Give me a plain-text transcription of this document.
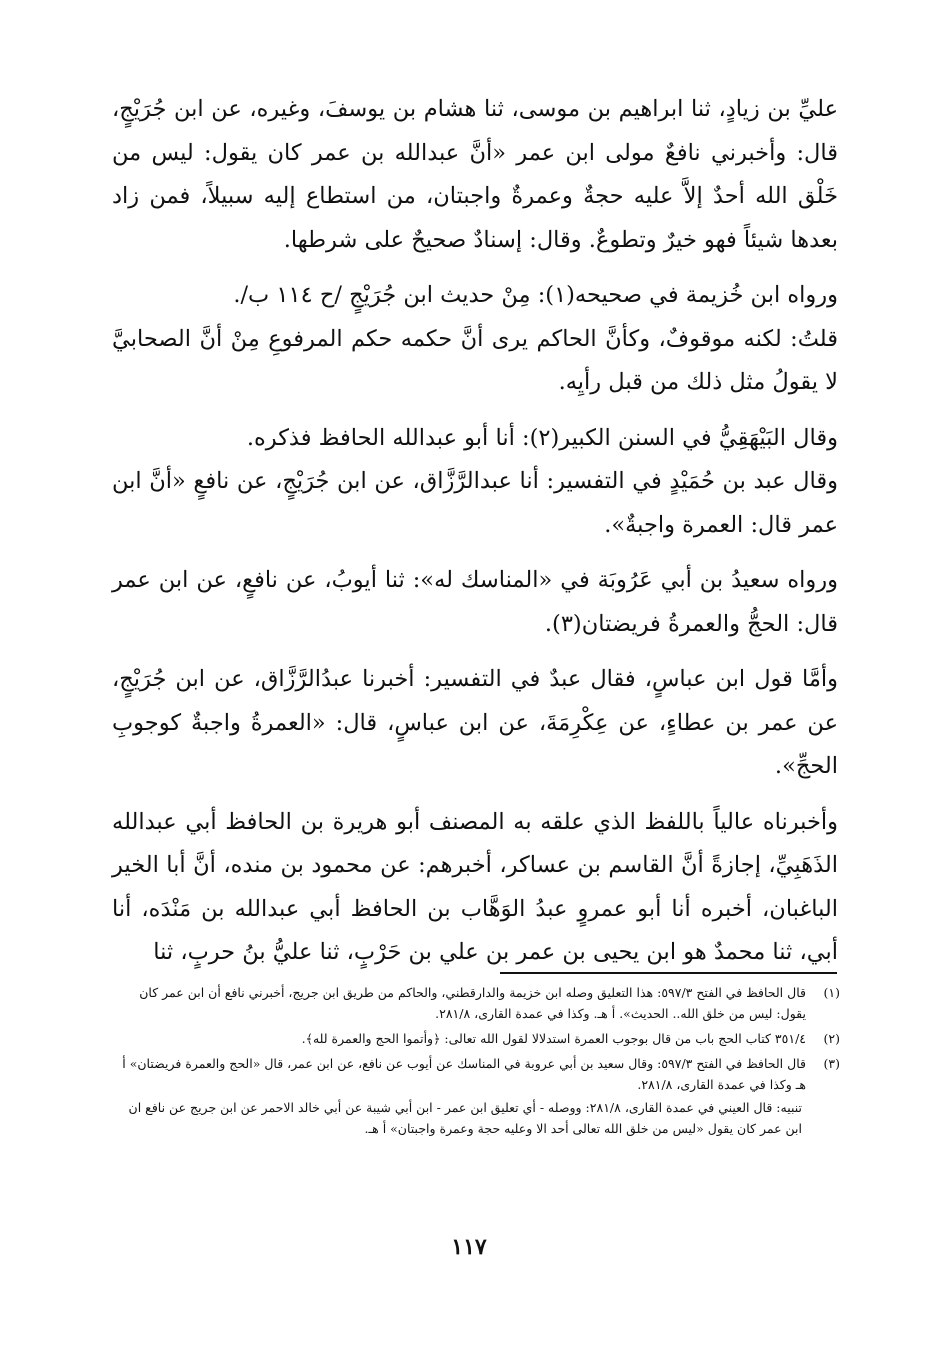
عليِّ بن زيادٍ، ثنا ابراهيم بن موسى، ثنا هشام بن يوسفَ، وغيره، عن ابن جُرَيْجٍ، قال: وأخبرني نافعٌ مولى ابن عمر «أنَّ عبدالله بن عمر كان يقول: ليس من خَلْق الله أحدٌ إلاَّ عليه حجةٌ وعمرةٌ واجبتان، من استطاع إليه سبيلاً، فمن زاد بعدها شيئاً فهو خيرٌ وتطوعٌ. وقال: إسنادٌ صحيحٌ على شرطها.

ورواه ابن خُزيمة في صحيحه(١): مِنْ حديث ابن جُرَيْجٍ /ح ١١٤ ب/.

قلتُ: لكنه موقوفٌ، وكأنَّ الحاكم يرى أنَّ حكمه حكم المرفوعِ مِنْ أنَّ الصحابيَّ لا يقولُ مثل ذلك من قبل رأيِه.

وقال البَيْهَقِيُّ في السنن الكبير(٢): أنا أبو عبدالله الحافظ فذكره.

وقال عبد بن حُمَيْدٍ في التفسير: أنا عبدالرَّزَّاق، عن ابن جُرَيْجٍ، عن نافعٍ «أنَّ ابن عمر قال: العمرة واجبةٌ».

ورواه سعيدُ بن أبي عَرُوبَة في «المناسك له»: ثنا أيوبُ، عن نافعٍ، عن ابن عمر قال: الحجُّ والعمرةُ فريضتان(٣).

وأمَّا قول ابن عباسٍ، فقال عبدٌ في التفسير: أخبرنا عبدُالرَّزَّاق، عن ابن جُرَيْجٍ، عن عمر بن عطاءٍ، عن عِكْرِمَةَ، عن ابن عباسٍ، قال: «العمرةُ واجبةٌ كوجوبِ الحجِّ».

وأخبرناه عالياً باللفظ الذي علقه به المصنف أبو هريرة بن الحافظ أبي عبدالله الذَهَبِيِّ، إجازةً أنَّ القاسم بن عساكر، أخبرهم: عن محمود بن منده، أنَّ أبا الخير الباغبان، أخبره أنا أبو عمروٍ عبدُ الوَهَّاب بن الحافظ أبي عبدالله بن مَنْدَه، أنا أبي، ثنا محمدٌ هو ابن يحيى بن عمر بن علي بن حَرْبٍ، ثنا عليُّ بنُ حربٍ، ثنا

(١)
قال الحافظ في الفتح ٥٩٧/٣: هذا التعليق وصله ابن خزيمة والدارقطني، والحاكم من طريق ابن جريج، أخبرني نافع أن ابن عمر كان يقول: ليس من خلق الله.. الحديث». أ هـ. وكذا في عمدة القارى، ٢٨١/٨.
(٢)
٣٥١/٤ كتاب الحج باب من قال بوجوب العمرة استدلالا لقول الله تعالى: ﴿وأتموا الحج والعمرة لله﴾.
(٣)
قال الحافظ في الفتح ٥٩٧/٣: وقال سعيد بن أبي عروبة في المناسك عن أيوب عن نافع، عن ابن عمر، قال «الحج والعمرة فريضتان» أ هـ وكذا في عمدة القارى، ٢٨١/٨.
تنبيه: قال العيني في عمدة القارى، ٢٨١/٨: ووصله - أي تعليق ابن عمر - ابن أبي شيبة عن أبي خالد الاحمر عن ابن جريج عن نافع ان ابن عمر كان يقول «ليس من خلق الله تعالى أحد الا وعليه حجة وعمرة واجبتان» أ هـ.
١١٧
